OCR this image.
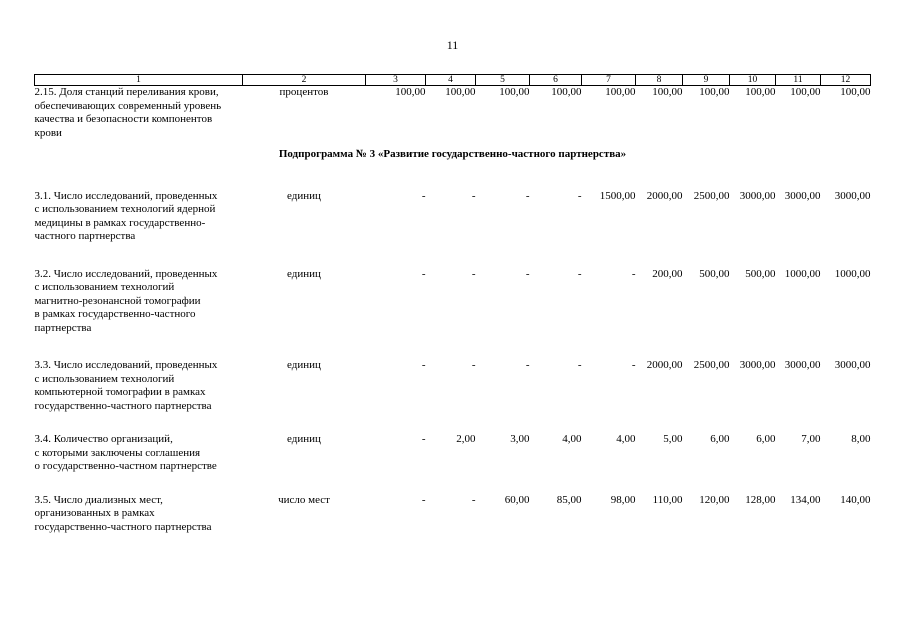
11
1	2	3	4	5	6	7	8	9	10	11	12

2.15. Доля станций переливания крови,
обеспечивающих современный уровень
качества и безопасности компонентов
крови	процентов	100,00	100,00	100,00	100,00	100,00	100,00	100,00	100,00	100,00	100,00
Подпрограмма № 3 «Развитие государственно-частного партнерства»											

3.1. Число исследований, проведенных
с использованием технологий ядерной
медицины в рамках государственно-
частного партнерства	единиц	-	-	-	-	1500,00	2000,00	2500,00	3000,00	3000,00	3000,00

3.2. Число исследований, проведенных
с использованием технологий
магнитно-резонансной томографии
в рамках государственно-частного
партнерства	единиц	-	-	-	-	-	200,00	500,00	500,00	1000,00	1000,00

3.3. Число исследований, проведенных
с использованием технологий
компьютерной томографии в рамках
государственно-частного партнерства	единиц	-	-	-	-	-	2000,00	2500,00	3000,00	3000,00	3000,00

3.4. Количество организаций,
с которыми заключены соглашения
о государственно-частном партнерстве	единиц	-	2,00	3,00	4,00	4,00	5,00	6,00	6,00	7,00	8,00

3.5. Число диализных мест,
организованных в рамках
государственно-частного партнерства	число мест	-	-	60,00	85,00	98,00	110,00	120,00	128,00	134,00	140,00
